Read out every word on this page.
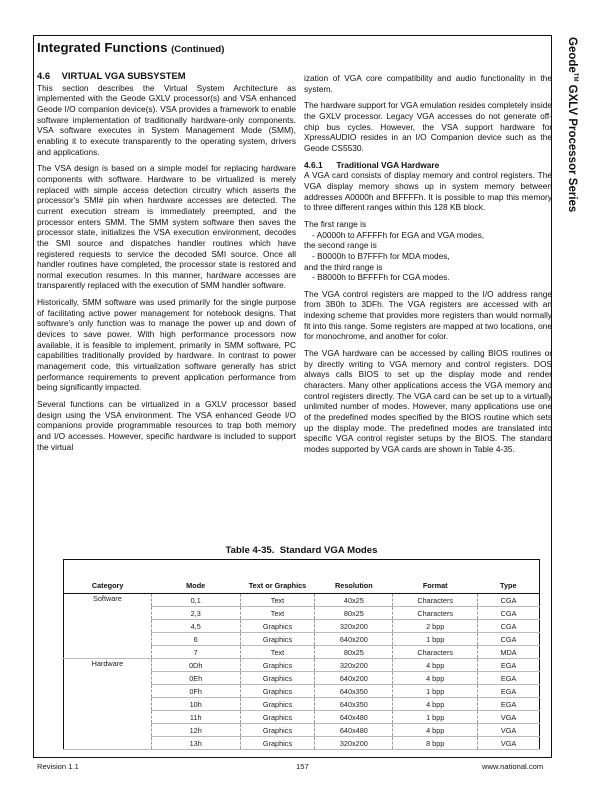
Integrated Functions (Continued)	Geode™ GXLV Processor Series
4.6 VIRTUAL VGA SUBSYSTEM

This section describes the Virtual System Architecture as implemented with the Geode GXLV processor(s) and VSA enhanced Geode I/O companion device(s). VSA provides a framework to enable software implementation of traditionally hardware-only components. VSA software executes in System Management Mode (SMM), enabling it to execute transparently to the operating system, drivers and applications.

The VSA design is based on a simple model for replacing hardware components with software. Hardware to be virtualized is merely replaced with simple access detection circuitry which asserts the processor's SMI# pin when hardware accesses are detected. The current execution stream is immediately preempted, and the processor enters SMM. The SMM system software then saves the processor state, initializes the VSA execution environment, decodes the SMI source and dispatches handler routines which have registered requests to service the decoded SMI source. Once all handler routines have completed, the processor state is restored and normal execution resumes. In this manner, hardware accesses are transparently replaced with the execution of SMM handler software.

Historically, SMM software was used primarily for the single purpose of facilitating active power management for notebook designs. That software's only function was to manage the power up and down of devices to save power. With high performance processors now available, it is feasible to implement, primarily in SMM software, PC capabilities traditionally provided by hardware. In contrast to power management code, this virtualization software generally has strict performance requirements to prevent application performance from being significantly impacted.

Several functions can be virtualized in a GXLV processor based design using the VSA environment. The VSA enhanced Geode I/O companions provide programmable resources to trap both memory and I/O accesses. However, specific hardware is included to support the virtual

ization of VGA core compatibility and audio functionality in the system.

The hardware support for VGA emulation resides completely inside the GXLV processor. Legacy VGA accesses do not generate off-chip bus cycles. However, the VSA support hardware for XpressAUDIO resides in an I/O Companion device such as the Geode CS5530.

4.6.1 Traditional VGA Hardware

A VGA card consists of display memory and control registers. The VGA display memory shows up in system memory between addresses A0000h and BFFFFh. It is possible to map this memory to three different ranges within this 128 KB block.

The first range is
- A0000h to AFFFFh for EGA and VGA modes,
the second range is
- B0000h to B7FFFh for MDA modes,
and the third range is
- B8000h to BFFFFh for CGA modes.

The VGA control registers are mapped to the I/O address range from 3B0h to 3DFh. The VGA registers are accessed with an indexing scheme that provides more registers than would normally fit into this range. Some registers are mapped at two locations, one for monochrome, and another for color.

The VGA hardware can be accessed by calling BIOS routines or by directly writing to VGA memory and control registers. DOS always calls BIOS to set up the display mode and render characters. Many other applications access the VGA memory and control registers directly. The VGA card can be set up to a virtually unlimited number of modes. However, many applications use one of the predefined modes specified by the BIOS routine which sets up the display mode. The predefined modes are translated into specific VGA control register setups by the BIOS. The standard modes supported by VGA cards are shown in Table 4-35.

Table 4-35.  Standard VGA Modes
Category	Mode	Text or Graphics	Resolution	Format	Type
Software	0,1	Text	40x25	Characters	CGA
	2,3	Text	80x25	Characters	CGA
	4,5	Graphics	320x200	2 bpp	CGA
	6	Graphics	640x200	1 bpp	CGA
	7	Text	80x25	Characters	MDA
Hardware	0Dh	Graphics	320x200	4 bpp	EGA
	0Eh	Graphics	640x200	4 bpp	EGA
	0Fh	Graphics	640x350	1 bpp	EGA
	10h	Graphics	640x350	4 bpp	EGA
	11h	Graphics	640x480	1 bpp	VGA
	12h	Graphics	640x480	4 bpp	VGA
	13h	Graphics	320x200	8 bpp	VGA
Revision 1.1	157	www.national.com
